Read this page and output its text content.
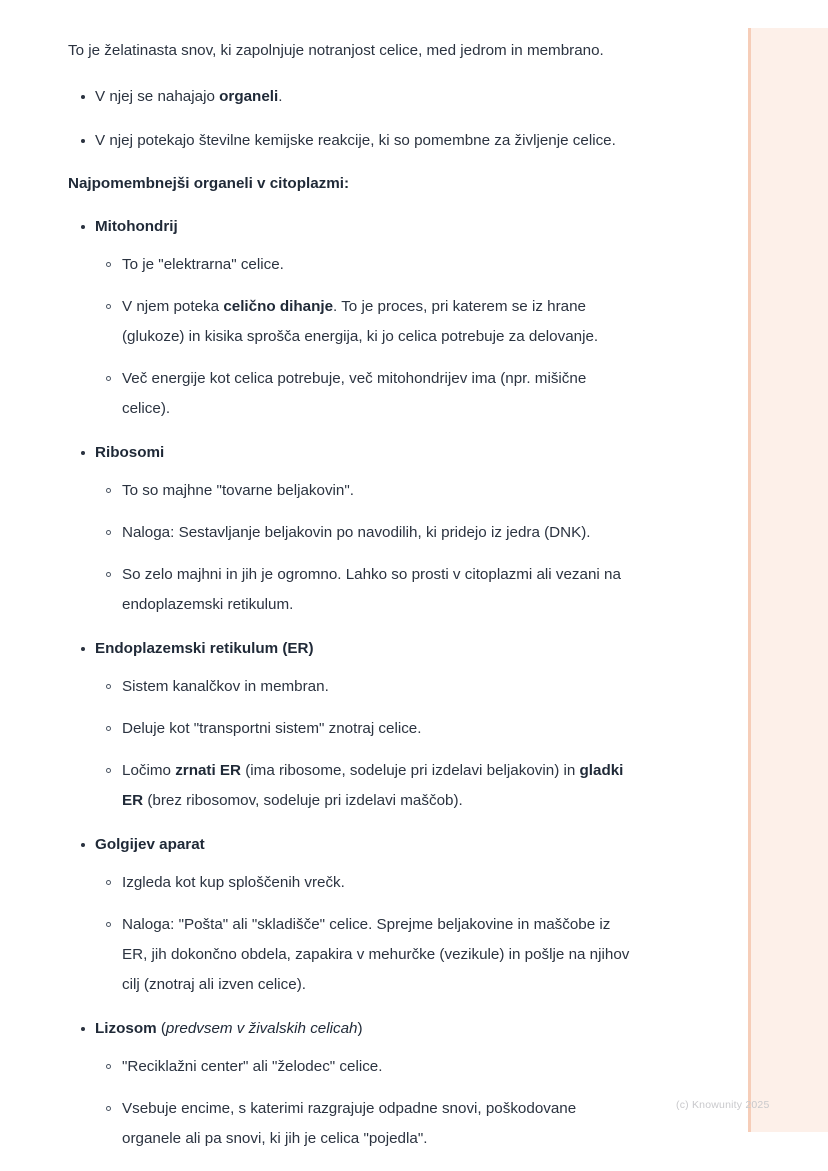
To je želatinasta snov, ki zapolnjuje notranjost celice, med jedrom in membrano.

V njej se nahajajo organeli.
V njej potekajo številne kemijske reakcije, ki so pomembne za življenje celice.
Najpomembnejši organeli v citoplazmi:
Mitohondrij
To je "elektrarna" celice.
V njem poteka celično dihanje. To je proces, pri katerem se iz hrane (glukoze) in kisika sprošča energija, ki jo celica potrebuje za delovanje.
Več energije kot celica potrebuje, več mitohondrijev ima (npr. mišične celice).
Ribosomi
To so majhne "tovarne beljakovin".
Naloga: Sestavljanje beljakovin po navodilih, ki pridejo iz jedra (DNK).
So zelo majhni in jih je ogromno. Lahko so prosti v citoplazmi ali vezani na endoplazemski retikulum.
Endoplazemski retikulum (ER)
Sistem kanalčkov in membran.
Deluje kot "transportni sistem" znotraj celice.
Ločimo zrnati ER (ima ribosome, sodeluje pri izdelavi beljakovin) in gladki ER (brez ribosomov, sodeluje pri izdelavi maščob).
Golgijev aparat
Izgleda kot kup sploščenih vrečk.
Naloga: "Pošta" ali "skladišče" celice. Sprejme beljakovine in maščobe iz ER, jih dokončno obdela, zapakira v mehurčke (vezikule) in pošlje na njihov cilj (znotraj ali izven celice).
Lizosom (predvsem v živalskih celicah)
"Reciklažni center" ali "želodec" celice.
Vsebuje encime, s katerimi razgrajuje odpadne snovi, poškodovane organele ali pa snovi, ki jih je celica "pojedla".
(c) Knowunity 2025
